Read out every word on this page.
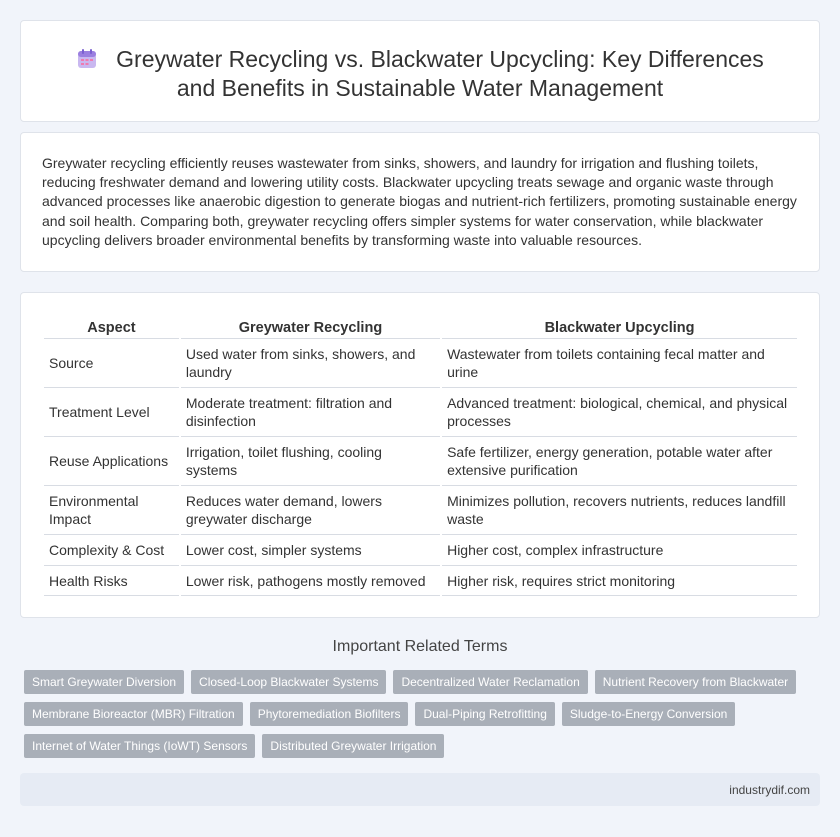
Greywater Recycling vs. Blackwater Upcycling: Key Differences
and Benefits in Sustainable Water Management

Greywater recycling efficiently reuses wastewater from sinks, showers, and laundry for irrigation and flushing toilets, reducing freshwater demand and lowering utility costs. Blackwater upcycling treats sewage and organic waste through advanced processes like anaerobic digestion to generate biogas and nutrient-rich fertilizers, promoting sustainable energy and soil health. Comparing both, greywater recycling offers simpler systems for water conservation, while blackwater upcycling delivers broader environmental benefits by transforming waste into valuable resources.

Aspect	Greywater Recycling	Blackwater Upcycling
Source	Used water from sinks, showers, and laundry	Wastewater from toilets containing fecal matter and urine
Treatment Level	Moderate treatment: filtration and disinfection	Advanced treatment: biological, chemical, and physical processes
Reuse Applications	Irrigation, toilet flushing, cooling systems	Safe fertilizer, energy generation, potable water after extensive purification
Environmental Impact	Reduces water demand, lowers greywater discharge	Minimizes pollution, recovers nutrients, reduces landfill waste
Complexity & Cost	Lower cost, simpler systems	Higher cost, complex infrastructure
Health Risks	Lower risk, pathogens mostly removed	Higher risk, requires strict monitoring
Important Related Terms
Smart Greywater Diversion	Closed-Loop Blackwater Systems	Decentralized Water Reclamation	Nutrient Recovery from Blackwater
Membrane Bioreactor (MBR) Filtration	Phytoremediation Biofilters	Dual-Piping Retrofitting	Sludge-to-Energy Conversion
Internet of Water Things (IoWT) Sensors	Distributed Greywater Irrigation
industrydif.com
